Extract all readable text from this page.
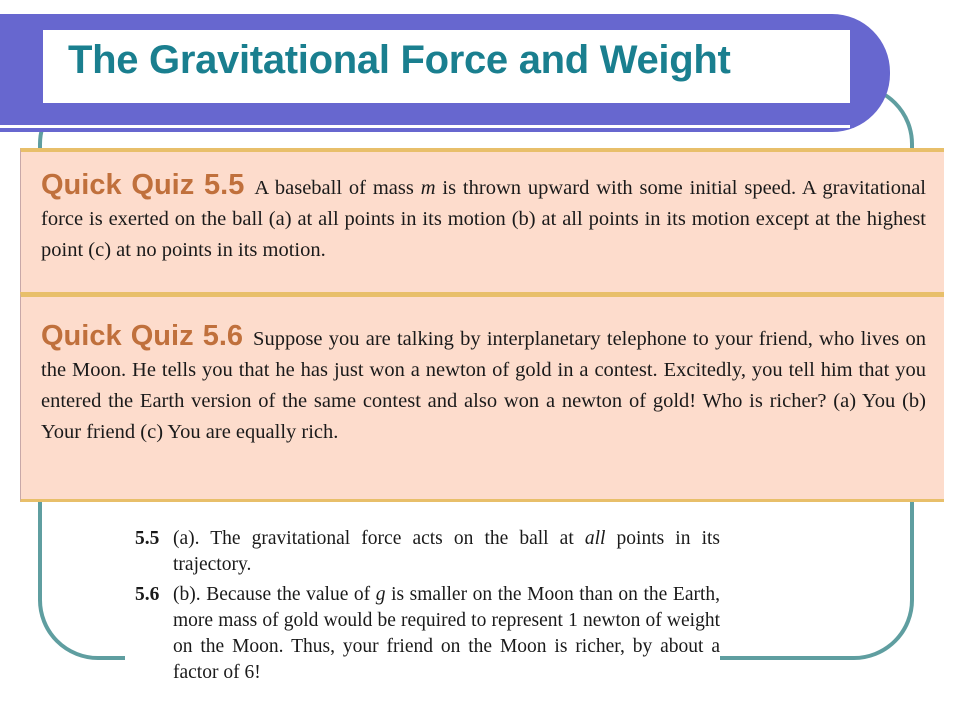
The Gravitational Force and Weight

Quick Quiz 5.5 A baseball of mass m is thrown upward with some initial speed. A gravitational force is exerted on the ball (a) at all points in its motion (b) at all points in its motion except at the highest point (c) at no points in its motion.

Quick Quiz 5.6 Suppose you are talking by interplanetary telephone to your friend, who lives on the Moon. He tells you that he has just won a newton of gold in a contest. Excitedly, you tell him that you entered the Earth version of the same contest and also won a newton of gold! Who is richer? (a) You (b) Your friend (c) You are equally rich.

5.5 (a). The gravitational force acts on the ball at all points in its trajectory.
5.6 (b). Because the value of g is smaller on the Moon than on the Earth, more mass of gold would be required to represent 1 newton of weight on the Moon. Thus, your friend on the Moon is richer, by about a factor of 6!
